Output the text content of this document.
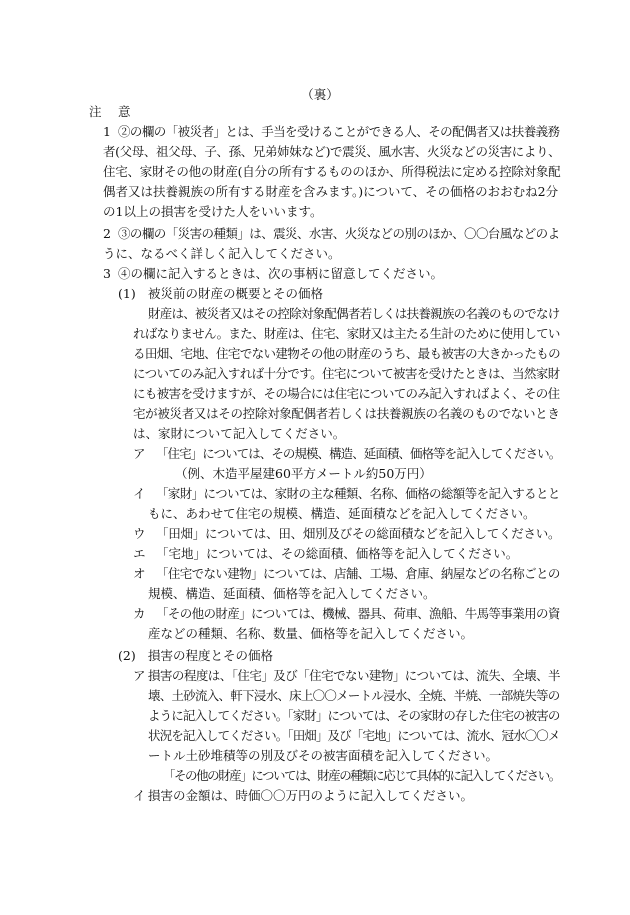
（裏）
注 意
1 ②の欄の「被災者」とは、手当を受けることができる人、その配偶者又は扶養義務
者(父母、祖父母、子、孫、兄弟姉妹など)で震災、風水害、火災などの災害により、
住宅、家財その他の財産(自分の所有するもののほか、所得税法に定める控除対象配
偶者又は扶養親族の所有する財産を含みます。)について、その価格のおおむね2分
の1以上の損害を受けた人をいいます。
2 ③の欄の「災害の種類」は、震災、水害、火災などの別のほか、〇〇台風などのよ
うに、なるべく詳しく記入してください。
3 ④の欄に記入するときは、次の事柄に留意してください。
(1) 被災前の財産の概要とその価格
財産は、被災者又はその控除対象配偶者若しくは扶養親族の名義のものでなけ
ればなりません。また、財産は、住宅、家財又は主たる生計のために使用してい
る田畑、宅地、住宅でない建物その他の財産のうち、最も被害の大きかったもの
についてのみ記入すれば十分です。住宅について被害を受けたときは、当然家財
にも被害を受けますが、その場合には住宅についてのみ記入すればよく、その住
宅が被災者又はその控除対象配偶者若しくは扶養親族の名義のものでないとき
は、家財について記入してください。
ア 「住宅」については、その規模、構造、延面積、価格等を記入してください。
（例、木造平屋建60平方メートル約50万円）
イ 「家財」については、家財の主な種類、名称、価格の総額等を記入するとと
もに、あわせて住宅の規模、構造、延面積などを記入してください。
ウ 「田畑」については、田、畑別及びその総面積などを記入してください。
エ 「宅地」については、その総面積、価格等を記入してください。
オ 「住宅でない建物」については、店舗、工場、倉庫、納屋などの名称ごとの
規模、構造、延面積、価格等を記入してください。
カ 「その他の財産」については、機械、器具、荷車、漁船、牛馬等事業用の資
産などの種類、名称、数量、価格等を記入してください。
(2) 損害の程度とその価格
ア 損害の程度は、「住宅」及び「住宅でない建物」については、流失、全壊、半
壊、土砂流入、軒下浸水、床上〇〇メートル浸水、全焼、半焼、一部焼失等の
ように記入してください。「家財」については、その家財の存した住宅の被害の
状況を記入してください。「田畑」及び「宅地」については、流水、冠水〇〇メ
ートル土砂堆積等の別及びその被害面積を記入してください。
「その他の財産」については、財産の種類に応じて具体的に記入してください。
イ 損害の金額は、時価〇〇万円のように記入してください。
